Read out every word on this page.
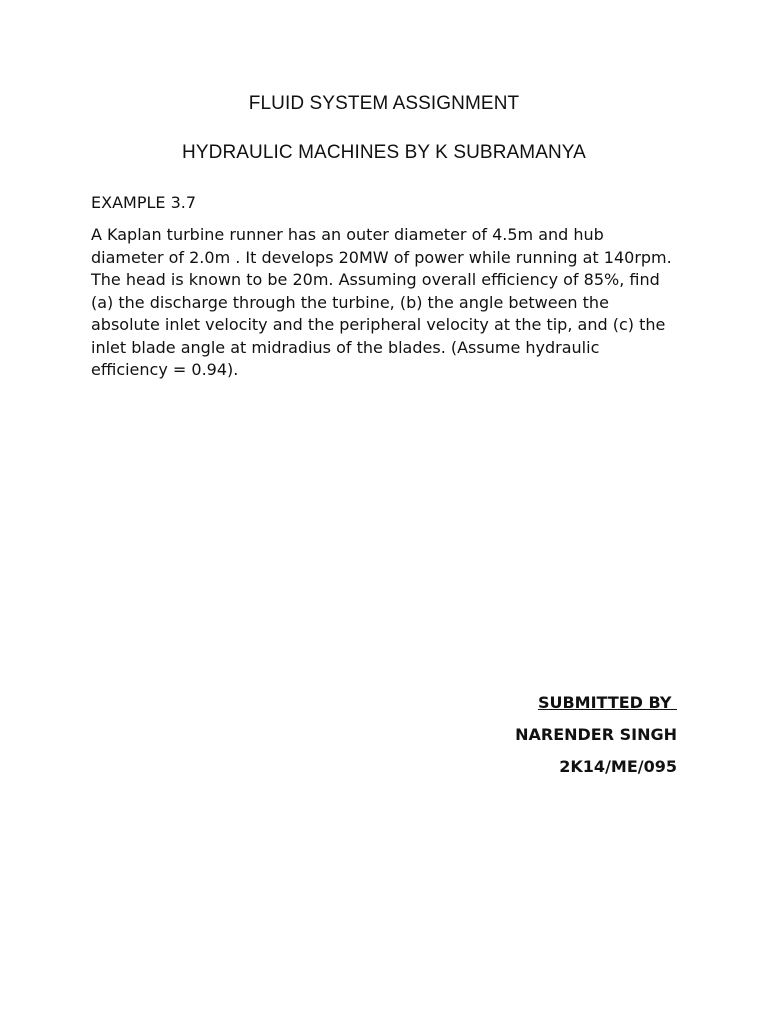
FLUID SYSTEM ASSIGNMENT
HYDRAULIC MACHINES BY K SUBRAMANYA

EXAMPLE 3.7

A Kaplan turbine runner has an outer diameter of 4.5m and hub diameter of 2.0m . It develops 20MW of power while running at 140rpm. The head is known to be 20m. Assuming overall efficiency of 85%, find (a) the discharge through the turbine, (b) the angle between the absolute inlet velocity and the peripheral velocity at the tip, and (c) the inlet blade angle at midradius of the blades. (Assume hydraulic efficiency = 0.94).

SUBMITTED BY
NARENDER SINGH
2K14/ME/095
